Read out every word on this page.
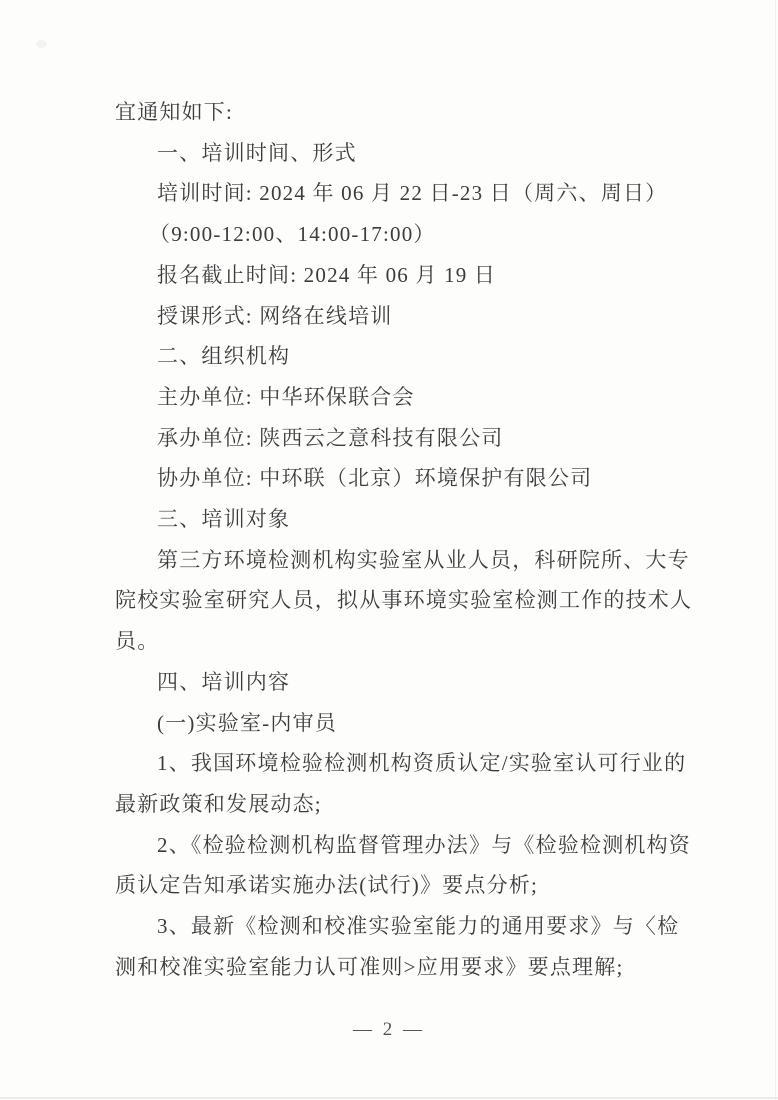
宜通知如下:
一、培训时间、形式
培训时间: 2024 年 06 月 22 日-23 日（周六、周日）
（9:00-12:00、14:00-17:00）
报名截止时间: 2024 年 06 月 19 日
授课形式: 网络在线培训
二、组织机构
主办单位: 中华环保联合会
承办单位: 陕西云之意科技有限公司
协办单位: 中环联（北京）环境保护有限公司
三、培训对象
第三方环境检测机构实验室从业人员，科研院所、大专
院校实验室研究人员，拟从事环境实验室检测工作的技术人
员。
四、培训内容
(一)实验室-内审员
1、我国环境检验检测机构资质认定/实验室认可行业的
最新政策和发展动态;
2、《检验检测机构监督管理办法》与《检验检测机构资
质认定告知承诺实施办法(试行)》要点分析;
3、最新《检测和校准实验室能力的通用要求》与〈检
测和校准实验室能力认可准则>应用要求》要点理解;
— 2 —
